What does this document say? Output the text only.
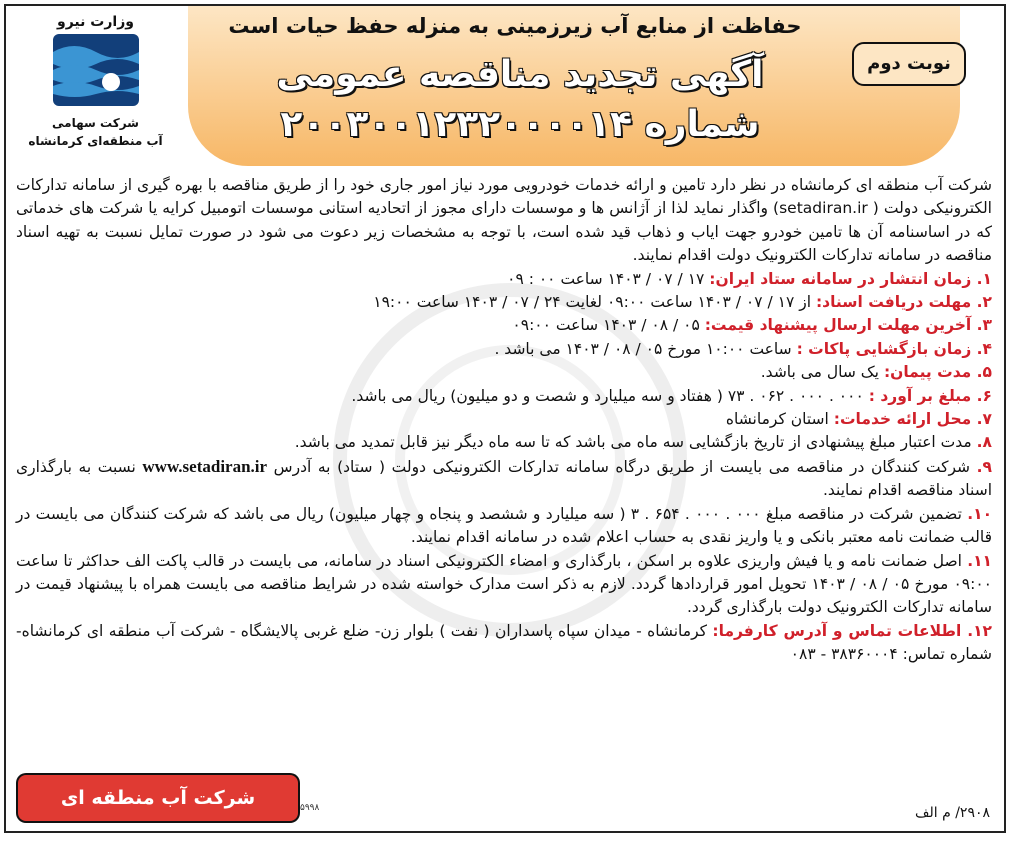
حفاظت از منابع آب زیرزمینی به منزله حفظ حیات است
آگهی تجدید مناقصه عمومی
شماره ۲۰۰۳۰۰۱۲۳۲۰۰۰۰۱۴
نوبت دوم
وزارت نیرو
شرکت سهامی
آب منطقه‌ای کرمانشاه

شرکت آب منطقه ای کرمانشاه در نظر دارد تامین و ارائه خدمات خودرویی مورد نیاز امور جاری خود را از طریق مناقصه با بهره گیری از سامانه تدارکات الکترونیکی دولت ( setadiran.ir) واگذار نماید لذا از آژانس ها و موسسات دارای مجوز از اتحادیه استانی موسسات اتومبیل کرایه یا شرکت های خدماتی که در اساسنامه آن ها تامین خودرو جهت ایاب و ذهاب قید شده است، با توجه به مشخصات زیر دعوت می شود در صورت تمایل نسبت به تهیه اسناد مناقصه در سامانه تدارکات الکترونیک دولت اقدام نمایند.

۱. زمان انتشار در سامانه ستاد ایران: ۱۷ / ۰۷ / ۱۴۰۳ ساعت ۰۰ : ۰۹

۲. مهلت دریافت اسناد: از ۱۷ / ۰۷ / ۱۴۰۳ ساعت ۰۹:۰۰ لغایت ۲۴ / ۰۷ / ۱۴۰۳ ساعت ۱۹:۰۰

۳. آخرین مهلت ارسال پیشنهاد قیمت: ۰۵ / ۰۸ / ۱۴۰۳ ساعت ۰۹:۰۰

۴. زمان بازگشایی پاکات : ساعت ۱۰:۰۰ مورخ ۰۵ / ۰۸ / ۱۴۰۳ می باشد .

۵. مدت پیمان: یک سال می باشد.

۶. مبلغ بر آورد : ۰۰۰ . ۰۰۰ . ۰۶۲ . ۷۳ ( هفتاد و سه میلیارد و شصت و دو میلیون) ریال می باشد.

۷. محل ارائه خدمات: استان کرمانشاه

۸. مدت اعتبار مبلغ پیشنهادی از تاریخ بازگشایی سه ماه می باشد که تا سه ماه دیگر نیز قابل تمدید می باشد.

۹. شرکت کنندگان در مناقصه می بایست از طریق درگاه سامانه تدارکات الکترونیکی دولت ( ستاد) به آدرس www.setadiran.ir نسبت به بارگذاری اسناد مناقصه اقدام نمایند.

۱۰. تضمین شرکت در مناقصه مبلغ ۰۰۰ . ۰۰۰ . ۶۵۴ . ۳ ( سه میلیارد و ششصد و پنجاه و چهار میلیون) ریال می باشد که شرکت کنندگان می بایست در قالب ضمانت نامه معتبر بانکی و یا واریز نقدی به حساب اعلام شده در سامانه اقدام نمایند.

۱۱. اصل ضمانت نامه و یا فیش واریزی علاوه بر اسکن ، بارگذاری و امضاء الکترونیکی اسناد در سامانه، می بایست در قالب پاکت الف حداکثر تا ساعت ۰۹:۰۰ مورخ ۰۵ / ۰۸ / ۱۴۰۳ تحویل امور قراردادها گردد. لازم به ذکر است مدارک خواسته شده در شرایط مناقصه می بایست همراه با پیشنهاد قیمت در سامانه تدارکات الکترونیک دولت بارگذاری گردد.

۱۲. اطلاعات تماس و آدرس کارفرما: کرمانشاه - میدان سپاه پاسداران ( نفت ) بلوار زن- ضلع غربی پالایشگاه - شرکت آب منطقه ای کرمانشاه- شماره تماس: ۳۸۳۶۰۰۰۴ - ۰۸۳

شرکت آب منطقه ای کرمانشاه
۵۹۹۸	۲۹۰۸/ م الف
